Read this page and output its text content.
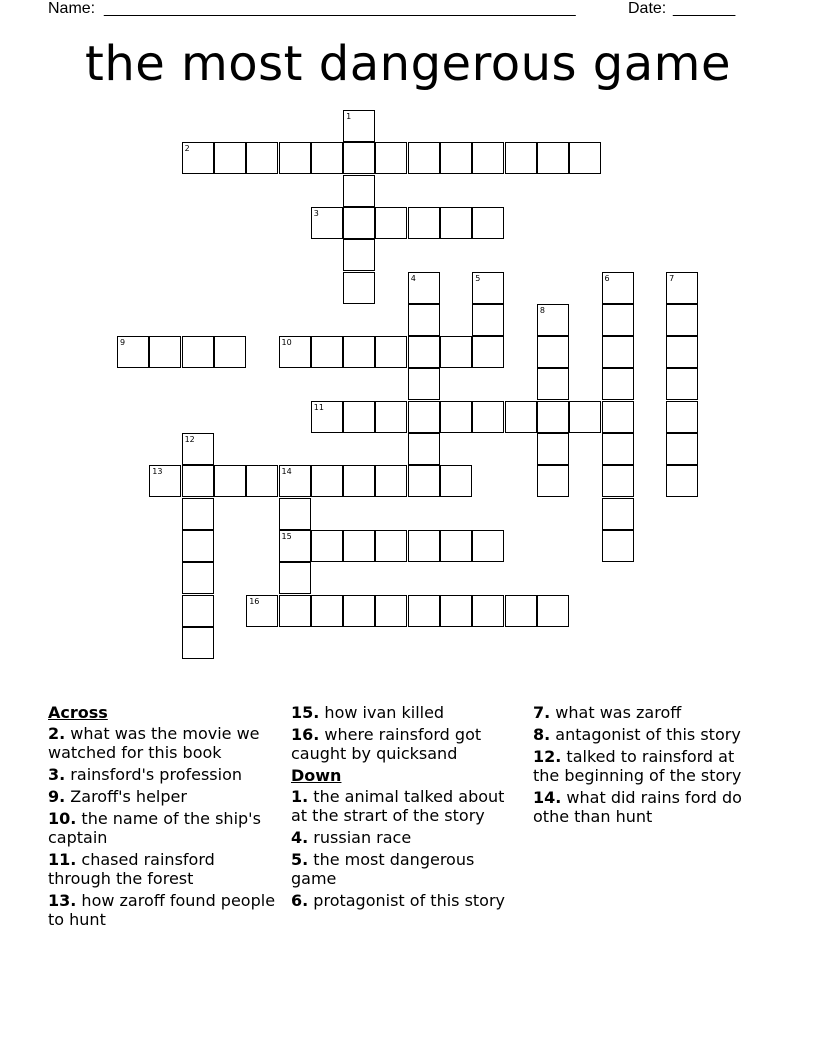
Name: _____________________________________________________	Date: _______
the most dangerous game
1
2
3
4	5	6	7
8
9	10
11
12
13	14
15
16
Across
2. what was the movie we watched for this book
3. rainsford's profession
9. Zaroff's helper
10. the name of the ship's captain
11. chased rainsford through the forest
13. how zaroff found people to hunt
15. how ivan killed
16. where rainsford got caught by quicksand
Down
1. the animal talked about at the strart of the story
4. russian race
5. the most dangerous game
6. protagonist of this story
7. what was zaroff
8. antagonist of this story
12. talked to rainsford at the beginning of the story
14. what did rains ford do othe than hunt
